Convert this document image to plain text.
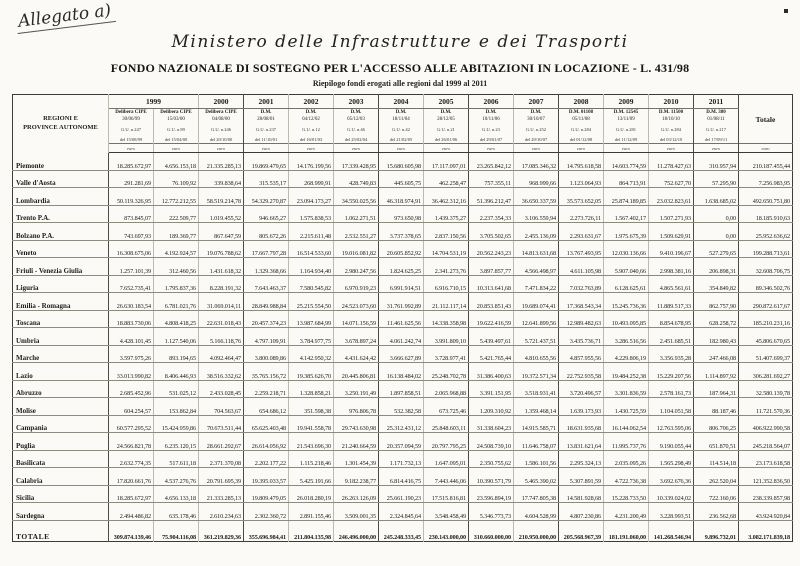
Allegato a)
Ministero delle Infrastrutture e dei Trasporti
FONDO NAZIONALE DI SOSTEGNO PER L'ACCESSO ALLE ABITAZIONI IN LOCAZIONE - L. 431/98
Riepilogo fondi erogati alle regioni dal 1999 al 2011
REGIONI E
PROVINCE AUTONOME	1999		2000	2001	2002	2003	2004	2005	2006	2007	2008	2009	2010	2011	Totale

Delibera CIPE
30/06/99
G.U. n.247
del 15/08/99

Delibera CIPE
15/03/00
G.U. n.89
del 15/04/00

Delibera CIPE
04/08/00
G.U. n.246
del 20/10/00

D.M.
28/08/01
G.U. n.237
del 11/10/01

D.M.
04/12/02
G.U. n.12
del 16/01/03

D.M.
05/12/03
G.U. n.46
del 25/02/04

D.M.
18/11/04
G.U. n.42
del 21/02/05

D.M.
28/12/05
G.U. n.21
del 26/01/06

D.M.
10/11/06
G.U. n.23
del 29/01/07

D.M.
30/10/07
G.U. n.252
del 29/10/07

D.M. 01108
05/11/08
G.U. n.284
del 01/12/08

D.M. 12545
13/11/09
G.U. n.281
del 11/12/09

D.M. 11500
18/10/10
G.U. n.284
del 03/12/10

D.M. 380
01/08/11
G.U. n.217
del 17/09/11

	euro	euro	euro	euro	euro	euro	euro	euro	euro	euro	euro	euro	euro	euro	euro
Piemonte	18.285.672,97	4.656.153,18	21.335.285,13	19.869.479,65	14.176.199,56	17.339.428,95	15.680.605,98	17.117.097,01	23.265.842,12	17.085.346,32	14.795.618,58	14.603.774,59	11.278.427,63	310.957,94	210.187.455,44
Valle d'Aosta	291.281,69	76.109,92	339.838,64	315.535,17	268.999,91	428.749,83	445.605,75	462.258,47	757.355,11	968.999,66	1.123.064,93	864.713,91	752.627,70	57.295,90	7.256.983,95
Lombardia	50.119.326,95	12.772.212,55	58.519.214,78	54.329.270,87	23.094.173,27	34.550.025,56	46.318.974,91	36.462.312,16	51.396.212,47	36.650.337,59	35.573.652,05	25.874.189,85	23.032.823,61	1.638.685,02	492.650.751,80
Trento P.A.	873.845,07	222.509,77	1.019.455,52	946.665,27	1.575.838,53	1.062.271,51	973.650,98	1.439.375,27	2.237.354,33	3.106.559,94	2.273.726,11	1.567.402,17	1.507.271,93	0,00	18.185.910,63
Bolzano P.A.	743.697,93	189.369,77	867.647,59	805.672,26	2.215.611,48	2.532.551,27	3.737.378,65	2.837.150,56	3.705.502,65	2.455.136,09	2.293.631,67	1.975.675,39	1.509.629,91	0,00	25.952.636,62
Veneto	16.308.675,06	4.192.924,57	19.076.788,62	17.667.797,28	16.514.533,60	19.016.081,82	20.605.852,92	14.704.531,19	20.562.243,23	14.813.631,68	13.767.493,95	12.030.136,66	9.410.196,67	527.279,65	199.288.713,61
Friuli - Venezia Giulia	1.257.101,39	312.460,56	1.431.618,32	1.329.368,66	1.164.934,40	2.980.247,56	1.824.625,25	2.341.273,76	3.897.857,77	4.566.498,97	4.611.105,98	5.907.040,66	2.998.381,16	206.898,31	32.608.706,75
Liguria	7.652.735,41	1.795.837,36	8.228.191,32	7.643.463,37	7.580.545,82	6.970.919,23	6.991.914,51	6.916.710,15	10.313.641,68	7.471.834,22	7.032.763,89	6.128.625,61	4.865.561,61	354.849,82	89.346.502,76
Emilia - Romagna	26.630.183,54	6.781.021,76	31.069.014,11	28.849.988,84	25.215.554,50	24.523.073,60	31.761.992,89	21.112.117,14	20.853.851,43	19.689.074,41	17.368.543,34	15.245.736,36	11.889.517,33	862.757,90	290.872.617,67
Toscana	18.883.730,06	4.808.418,25	22.631.018,43	20.457.374,23	13.987.684,99	14.071.156,59	11.461.625,56	14.338.358,98	19.622.416,59	12.641.899,56	12.989.482,63	10.493.095,85	8.854.678,95	628.258,72	185.210.231,16
Umbria	4.428.101,45	1.127.540,06	5.166.118,76	4.797.109,91	3.784.977,75	3.678.897,24	4.061.242,74	3.991.809,10	5.439.497,61	5.721.437,51	3.435.736,71	3.286.516,56	2.451.685,51	182.980,43	45.806.670,65
Marche	3.597.975,26	893.194,65	4.092.464,47	3.800.089,86	4.142.950,32	4.431.624,42	3.666.627,89	3.728.977,41	5.421.765,44	4.810.655,56	4.857.955,56	4.229.806,19	3.356.935,28	247.466,08	51.407.699,37
Lazio	33.013.990,82	8.406.446,93	38.516.332,62	35.765.156,72	19.385.626,70	20.445.806,81	16.138.484,02	25.248.702,78	31.386.400,63	19.372.571,34	22.752.935,58	19.484.252,38	15.229.207,56	1.114.897,92	306.281.692,27
Abruzzo	2.685.452,96	531.025,12	2.433.028,45	2.259.218,71	1.328.858,21	3.250.191,49	1.897.858,51	2.065.968,88	3.391.151,95	3.518.931,41	3.720.496,57	3.301.836,59	2.578.161,73	187.964,31	32.580.139,78
Molise	604.254,57	153.862,84	704.563,67	654.686,12	351.598,38	976.806,78	532.382,58	673.725,46	1.209.310,92	1.359.468,14	1.639.173,93	1.430.725,59	1.104.051,58	88.187,46	11.721.570,36
Campania	60.577.295,52	15.424.959,86	70.673.511,44	65.625.403,48	19.941.558,78	29.743.630,98	25.312.431,12	25.848.603,11	31.338.604,23	14.915.585,71	18.631.935,68	16.144.062,54	12.763.595,06	806.706,25	406.922.990,58
Puglia	24.566.821,78	6.235.120,15	28.661.292,67	26.614.056,92	21.543.696,30	21.240.664,59	20.357.094,59	20.797.795,25	24.508.739,10	11.646.758,07	13.831.621,64	11.995.737,76	9.190.055,44	651.870,51	245.218.564,07
Basilicata	2.632.774,35	517.611,18	2.371.370,08	2.202.177,22	1.115.218,46	1.301.454,39	1.171.732,13	1.647.095,01	2.350.755,62	1.586.101,56	2.295.324,13	2.035.095,26	1.565.298,49	114.514,18	23.173.618,58
Calabria	17.820.661,76	4.537.276,76	20.791.695,39	19.395.033,57	5.425.191,66	9.182.238,77	6.814.416,75	7.443.446,06	10.390.571,79	5.465.390,02	5.307.891,59	4.722.736,38	3.692.676,36	262.520,04	121.352.836,50
Sicilia	18.285.672,97	4.656.133,18	21.333.285,13	19.809.479,05	26.018.280,19	26.263.126,09	25.661.190,23	17.515.816,81	23.596.894,19	17.747.805,38	14.581.928,68	15.228.733,50	10.339.024,02	722.160,06	238.339.857,98
Sardegna	2.494.486,82	635.178,46	2.610.234,63	2.302.360,72	2.891.155,46	3.509.001,35	2.324.845,64	3.548.458,49	5.346.773,73	4.604.528,99	4.807.230,86	4.231.200,49	3.228.993,51	236.562,68	43.924.920,84
TOTALE	309.874.139,46	75.904.116,08	361.219.829,36	355.696.984,41	211.804.135,98	246.496.000,00	245.248.333,45	230.143.000,00	310.660.000,00	210.950.000,00	205.568.967,39	181.191.060,00	141.268.546,94	9.896.732,01	3.082.171.839,18
